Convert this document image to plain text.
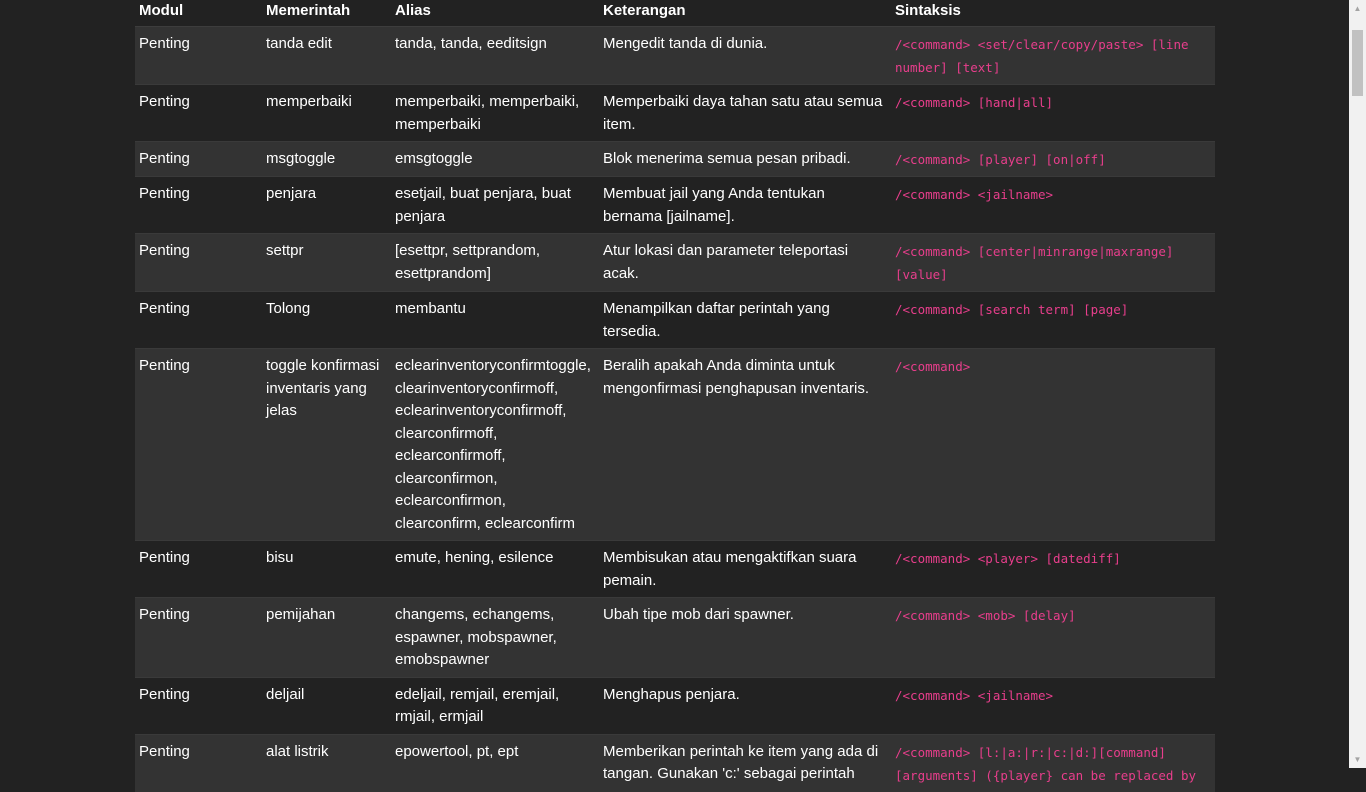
Modul	Memerintah	Alias	Keterangan	Sintaksis
Penting	tanda edit	tanda, tanda, eeditsign	Mengedit tanda di dunia.	/<command> <set/clear/copy/paste> [line number] [text]
Penting	memperbaiki	memperbaiki, memperbaiki, memperbaiki	Memperbaiki daya tahan satu atau semua item.	/<command> [hand|all]
Penting	msgtoggle	emsgtoggle	Blok menerima semua pesan pribadi.	/<command> [player] [on|off]
Penting	penjara	esetjail, buat penjara, buat penjara	Membuat jail yang Anda tentukan bernama [jailname].	/<command> <jailname>
Penting	settpr	[esettpr, settprandom, esettprandom]	Atur lokasi dan parameter teleportasi acak.	/<command> [center|minrange|maxrange] [value]
Penting	Tolong	membantu	Menampilkan daftar perintah yang tersedia.	/<command> [search term] [page]
Penting	toggle konfirmasi inventaris yang jelas	eclearinventoryconfirmtoggle, clearinventoryconfirmoff, eclearinventoryconfirmoff, clearconfirmoff, eclearconfirmoff, clearconfirmon, eclearconfirmon, clearconfirm, eclearconfirm	Beralih apakah Anda diminta untuk mengonfirmasi penghapusan inventaris.	/<command>
Penting	bisu	emute, hening, esilence	Membisukan atau mengaktifkan suara pemain.	/<command> <player> [datediff]
Penting	pemijahan	changems, echangems, espawner, mobspawner, emobspawner	Ubah tipe mob dari spawner.	/<command> <mob> [delay]
Penting	deljail	edeljail, remjail, eremjail, rmjail, ermjail	Menghapus penjara.	/<command> <jailname>
Penting	alat listrik	epowertool, pt, ept	Memberikan perintah ke item yang ada di tangan. Gunakan 'c:' sebagai perintah	/<command> [l:|a:|r:|c:|d:][command] [arguments] ({player} can be replaced by
▲
▼
